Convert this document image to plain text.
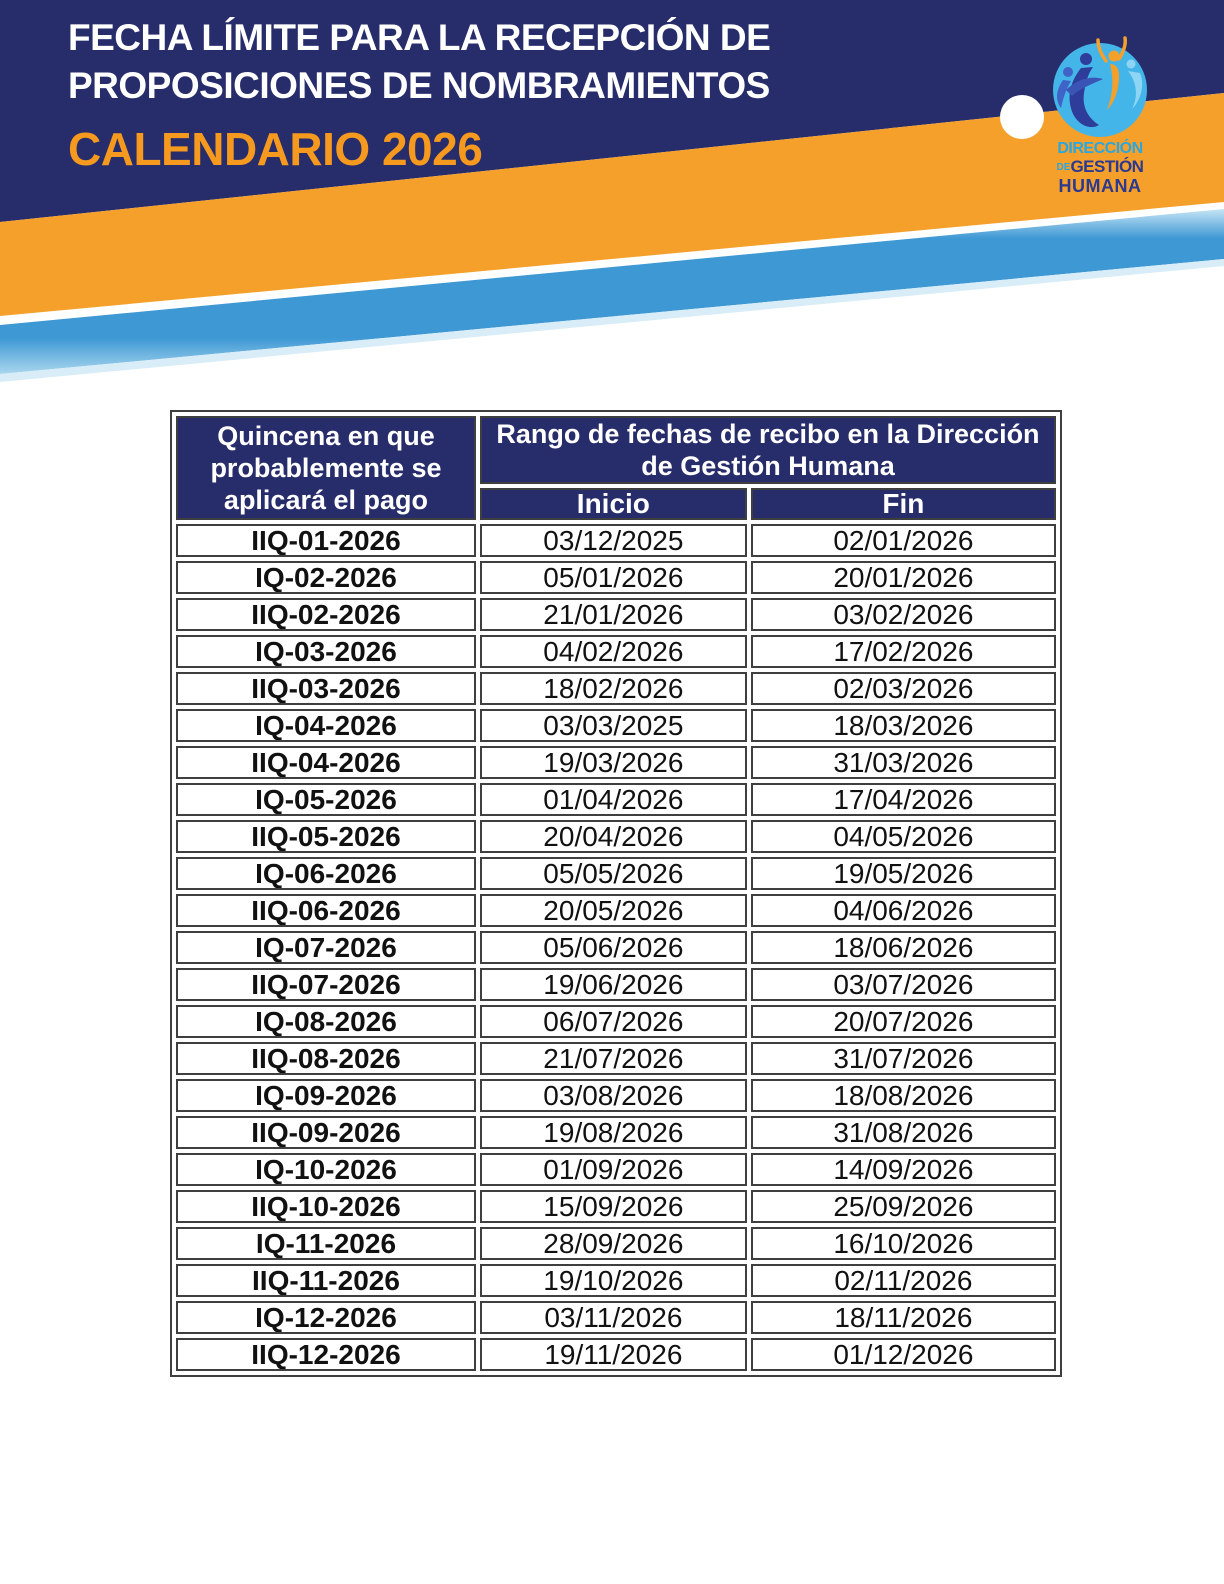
FECHA LÍMITE PARA LA RECEPCIÓN DE
PROPOSICIONES DE NOMBRAMIENTOS
CALENDARIO 2026	DIRECCIÓN
DEGESTIÓN
HUMANA
Quincena en que probablemente se aplicará el pago	Rango de fechas de recibo en la Dirección de Gestión Humana	
	Inicio	Fin
IIQ-01-2026	03/12/2025	02/01/2026
IQ-02-2026	05/01/2026	20/01/2026
IIQ-02-2026	21/01/2026	03/02/2026
IQ-03-2026	04/02/2026	17/02/2026
IIQ-03-2026	18/02/2026	02/03/2026
IQ-04-2026	03/03/2025	18/03/2026
IIQ-04-2026	19/03/2026	31/03/2026
IQ-05-2026	01/04/2026	17/04/2026
IIQ-05-2026	20/04/2026	04/05/2026
IQ-06-2026	05/05/2026	19/05/2026
IIQ-06-2026	20/05/2026	04/06/2026
IQ-07-2026	05/06/2026	18/06/2026
IIQ-07-2026	19/06/2026	03/07/2026
IQ-08-2026	06/07/2026	20/07/2026
IIQ-08-2026	21/07/2026	31/07/2026
IQ-09-2026	03/08/2026	18/08/2026
IIQ-09-2026	19/08/2026	31/08/2026
IQ-10-2026	01/09/2026	14/09/2026
IIQ-10-2026	15/09/2026	25/09/2026
IQ-11-2026	28/09/2026	16/10/2026
IIQ-11-2026	19/10/2026	02/11/2026
IQ-12-2026	03/11/2026	18/11/2026
IIQ-12-2026	19/11/2026	01/12/2026
